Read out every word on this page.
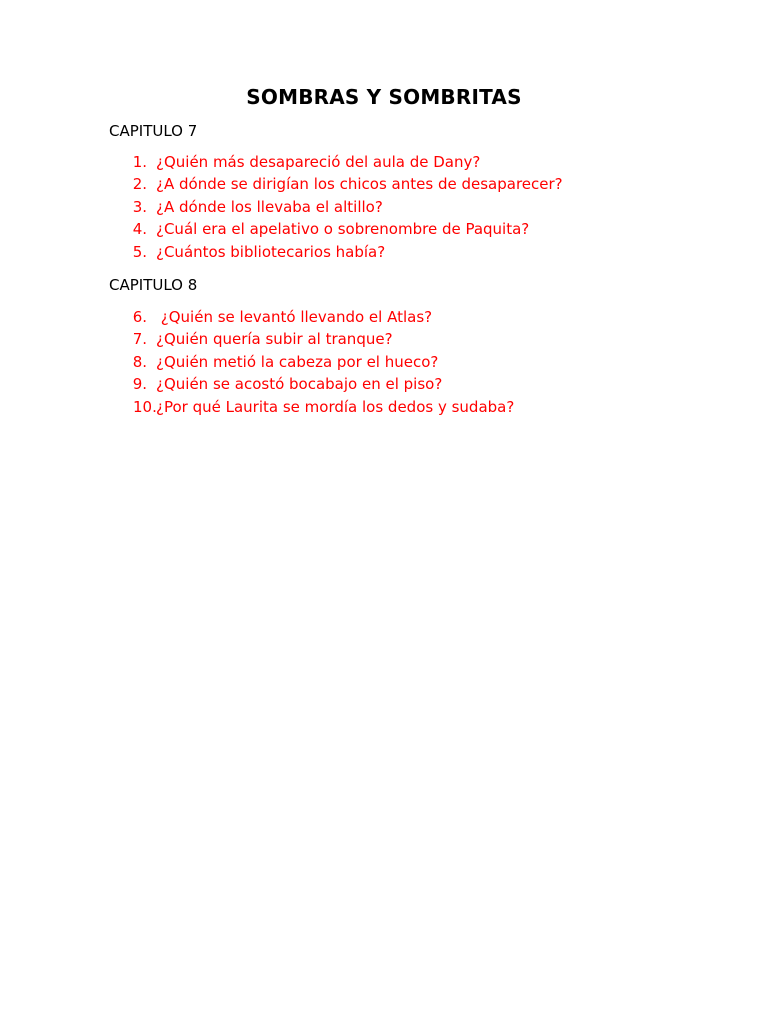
SOMBRAS Y SOMBRITAS
CAPITULO 7
1. ¿Quién más desapareció del aula de Dany?
2. ¿A dónde se dirigían los chicos antes de desaparecer?
3. ¿A dónde los llevaba el altillo?
4. ¿Cuál era el apelativo o sobrenombre de Paquita?
5. ¿Cuántos bibliotecarios había?
CAPITULO 8
6. ¿Quién se levantó llevando el Atlas?
7. ¿Quién quería subir al tranque?
8. ¿Quién metió la cabeza por el hueco?
9. ¿Quién se acostó bocabajo en el piso?
10. ¿Por qué Laurita se mordía los dedos y sudaba?
